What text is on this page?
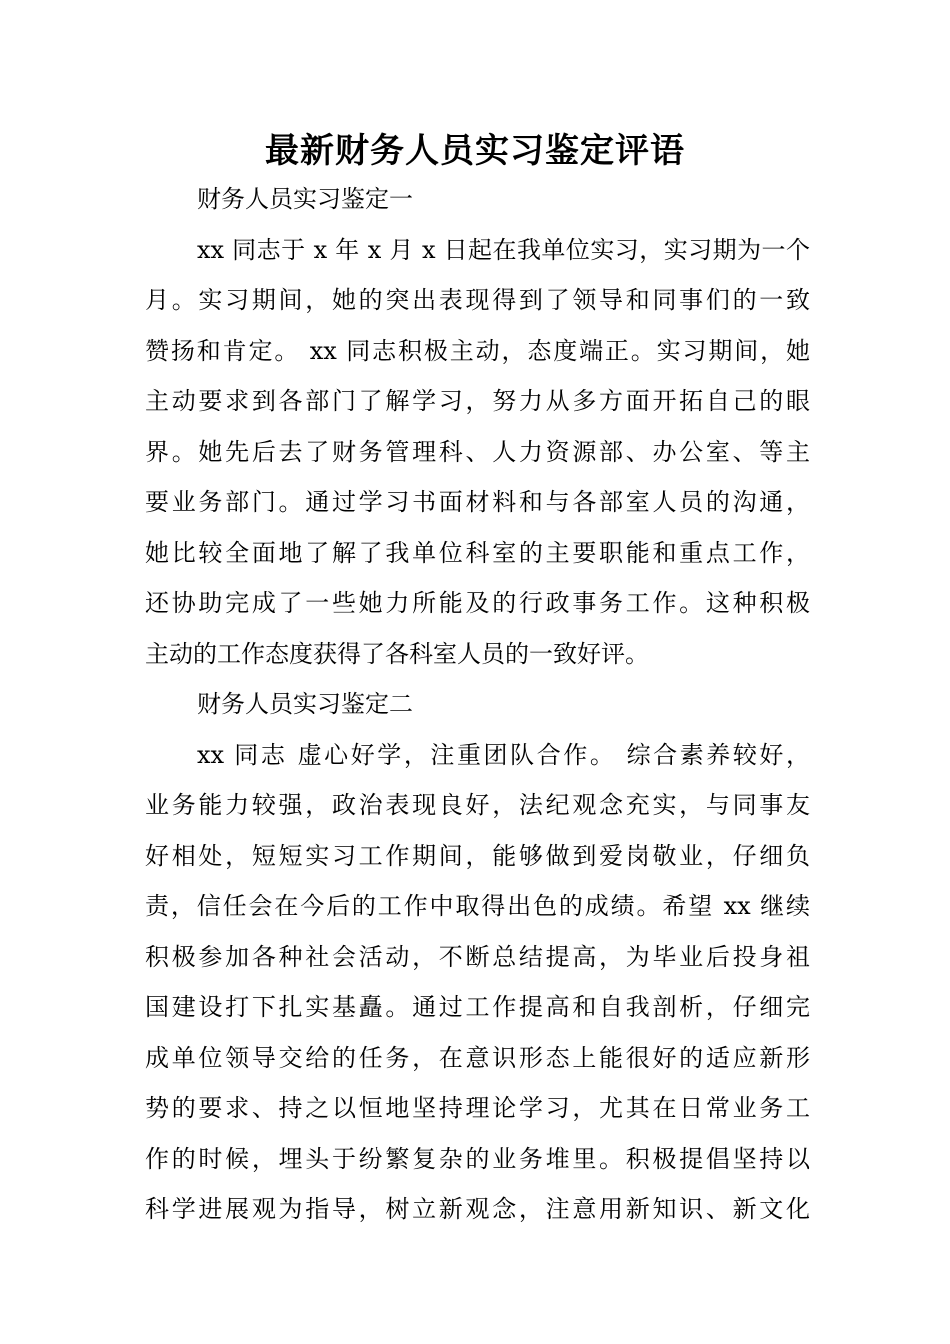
最新财务人员实习鉴定评语
财务人员实习鉴定一
xx 同志于 x 年 x 月 x 日起在我单位实习，实习期为一个
月。实习期间，她的突出表现得到了领导和同事们的一致
赞扬和肯定。 xx 同志积极主动，态度端正。实习期间，她
主动要求到各部门了解学习，努力从多方面开拓自己的眼
界。她先后去了财务管理科、人力资源部、办公室、等主
要业务部门。通过学习书面材料和与各部室人员的沟通，
她比较全面地了解了我单位科室的主要职能和重点工作，
还协助完成了一些她力所能及的行政事务工作。这种积极
主动的工作态度获得了各科室人员的一致好评。
财务人员实习鉴定二
xx 同志 虚心好学，注重团队合作。 综合素养较好，
业务能力较强，政治表现良好，法纪观念充实，与同事友
好相处，短短实习工作期间，能够做到爱岗敬业，仔细负
责，信任会在今后的工作中取得出色的成绩。希望 xx 继续
积极参加各种社会活动，不断总结提高，为毕业后投身祖
国建设打下扎实基矗。通过工作提高和自我剖析，仔细完
成单位领导交给的任务，在意识形态上能很好的适应新形
势的要求、持之以恒地坚持理论学习，尤其在日常业务工
作的时候，埋头于纷繁复杂的业务堆里。积极提倡坚持以
科学进展观为指导，树立新观念，注意用新知识、新文化
